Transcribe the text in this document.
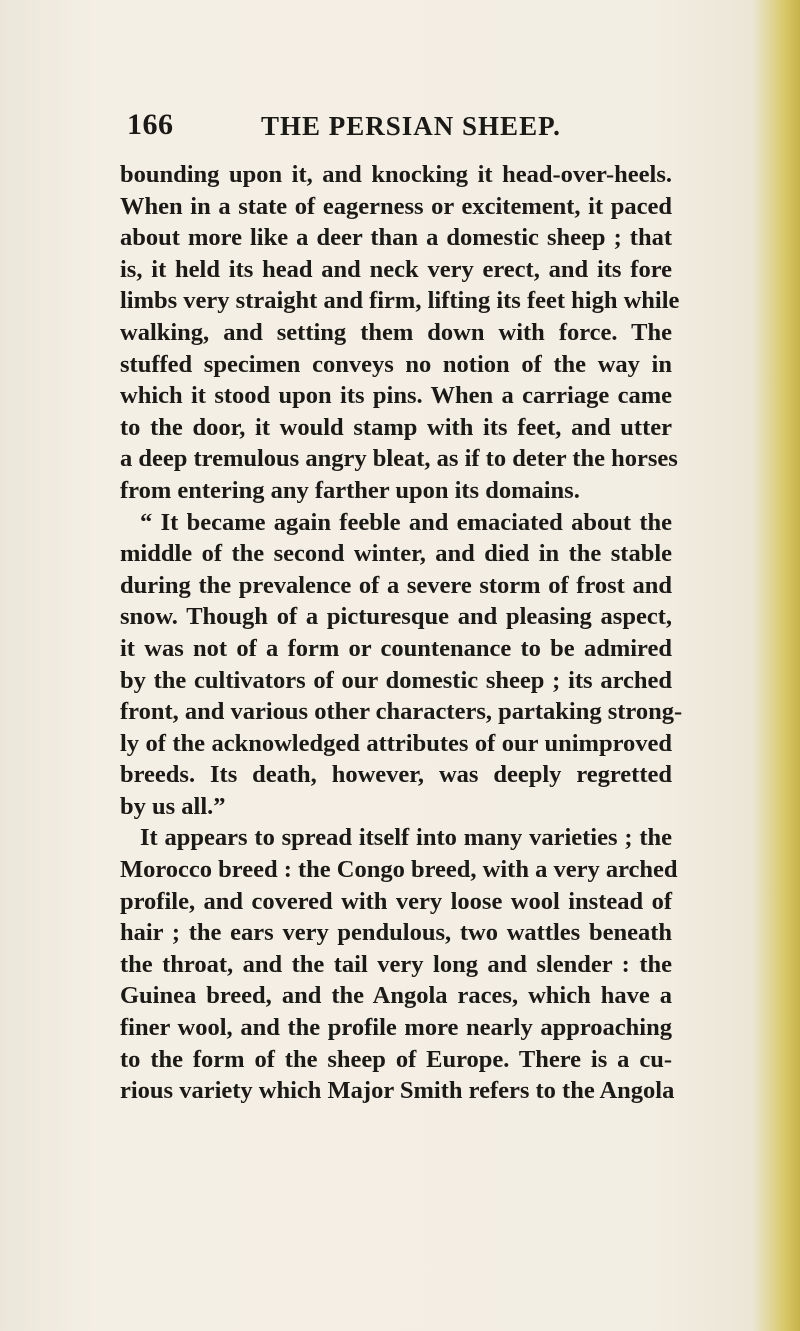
166	THE PERSIAN SHEEP.

bounding upon it, and knocking it head-over-heels.
When in a state of eagerness or excitement, it paced
about more like a deer than a domestic sheep ; that
is, it held its head and neck very erect, and its fore
limbs very straight and firm, lifting its feet high while
walking, and setting them down with force. The
stuffed specimen conveys no notion of the way in
which it stood upon its pins. When a carriage came
to the door, it would stamp with its feet, and utter
a deep tremulous angry bleat, as if to deter the horses
from entering any farther upon its domains.

“ It became again feeble and emaciated about the
middle of the second winter, and died in the stable
during the prevalence of a severe storm of frost and
snow. Though of a picturesque and pleasing aspect,
it was not of a form or countenance to be admired
by the cultivators of our domestic sheep ; its arched
front, and various other characters, partaking strong-
ly of the acknowledged attributes of our unimproved
breeds. Its death, however, was deeply regretted
by us all.”

It appears to spread itself into many varieties ; the
Morocco breed : the Congo breed, with a very arched
profile, and covered with very loose wool instead of
hair ; the ears very pendulous, two wattles beneath
the throat, and the tail very long and slender : the
Guinea breed, and the Angola races, which have a
finer wool, and the profile more nearly approaching
to the form of the sheep of Europe. There is a cu-
rious variety which Major Smith refers to the Angola
